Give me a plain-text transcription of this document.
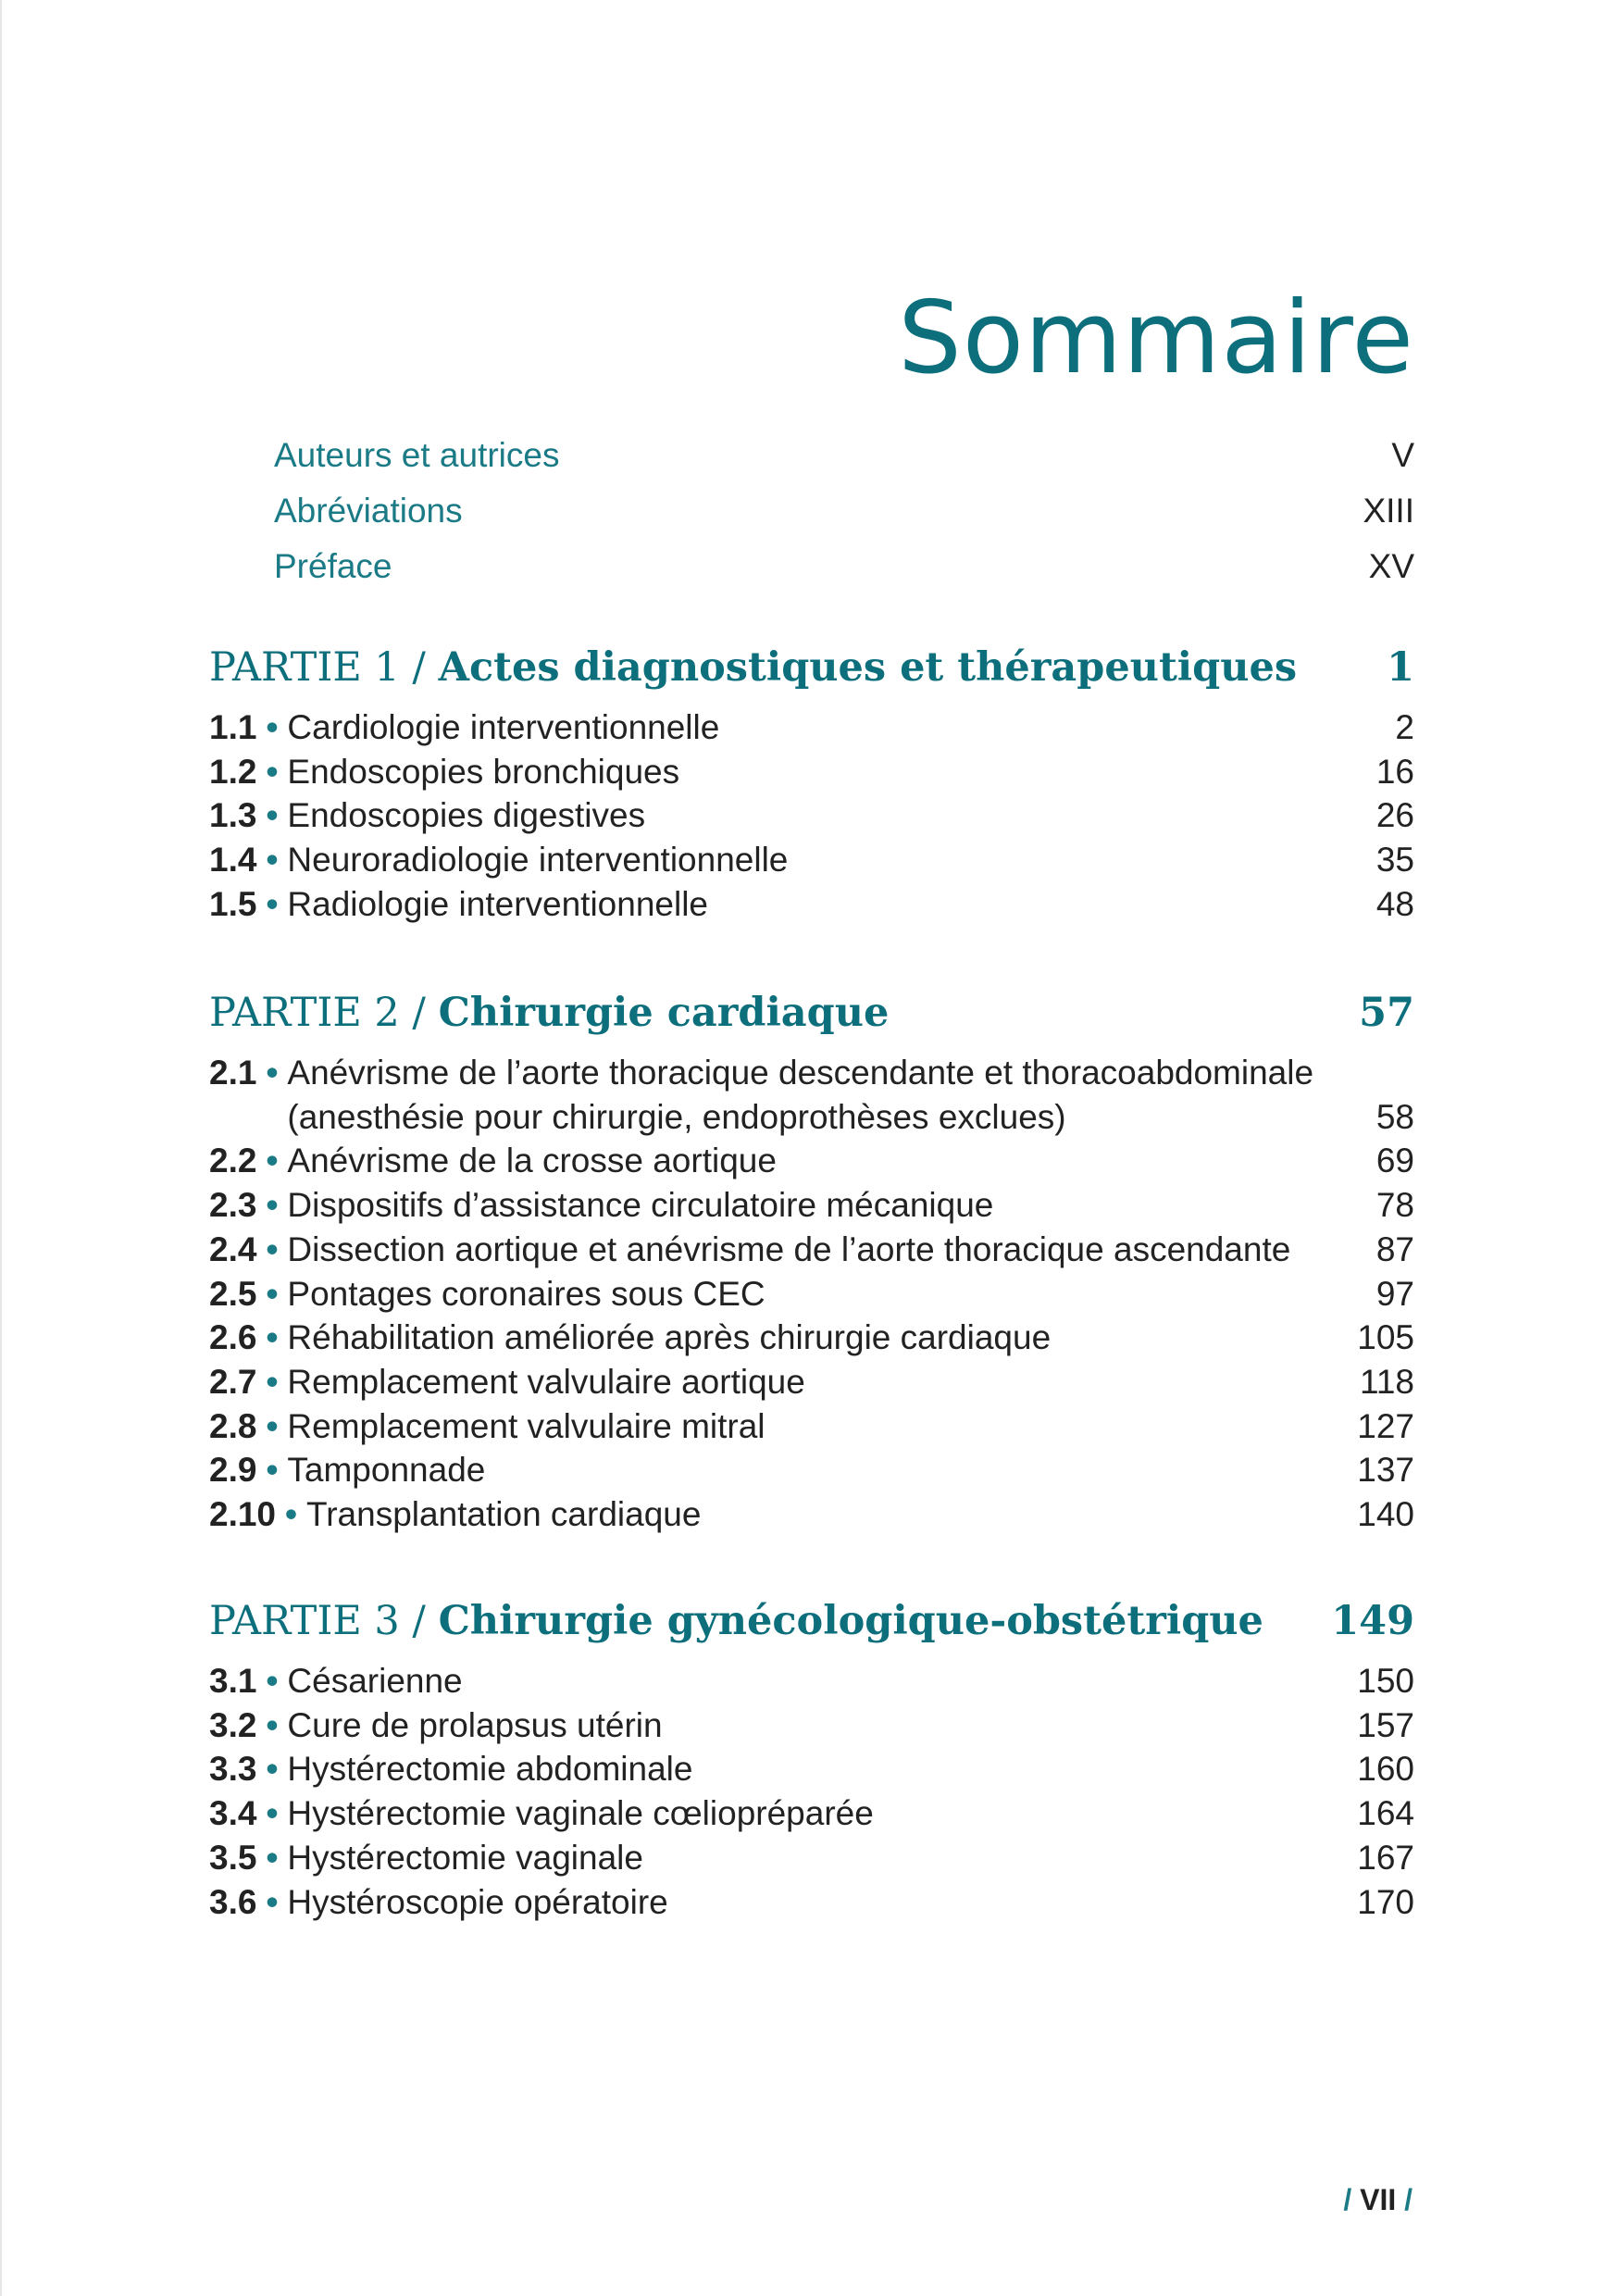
Sommaire
Auteurs et autrices	V
Abréviations	XIII
Préface	XV
PARTIE 1 / Actes diagnostiques et thérapeutiques 1
1.1 • Cardiologie interventionnelle	2
1.2 • Endoscopies bronchiques	16
1.3 • Endoscopies digestives	26
1.4 • Neuroradiologie interventionnelle	35
1.5 • Radiologie interventionnelle	48
PARTIE 2 / Chirurgie cardiaque	57
2.1 • Anévrisme de l’aorte thoracique descendante et thoracoabdominale
(anesthésie pour chirurgie, endoprothèses exclues)	58
2.2 • Anévrisme de la crosse aortique	69
2.3 • Dispositifs d’assistance circulatoire mécanique	78
2.4 • Dissection aortique et anévrisme de l’aorte thoracique ascendante	87
2.5 • Pontages coronaires sous CEC	97
2.6 • Réhabilitation améliorée après chirurgie cardiaque	105
2.7 • Remplacement valvulaire aortique	118
2.8 • Remplacement valvulaire mitral	127
2.9 • Tamponnade	137
2.10 • Transplantation cardiaque	140
PARTIE 3 / Chirurgie gynécologique-obstétrique 149
3.1 • Césarienne	150
3.2 • Cure de prolapsus utérin	157
3.3 • Hystérectomie abdominale	160
3.4 • Hystérectomie vaginale cœliopréparée	164
3.5 • Hystérectomie vaginale	167
3.6 • Hystéroscopie opératoire	170
/ VII /
